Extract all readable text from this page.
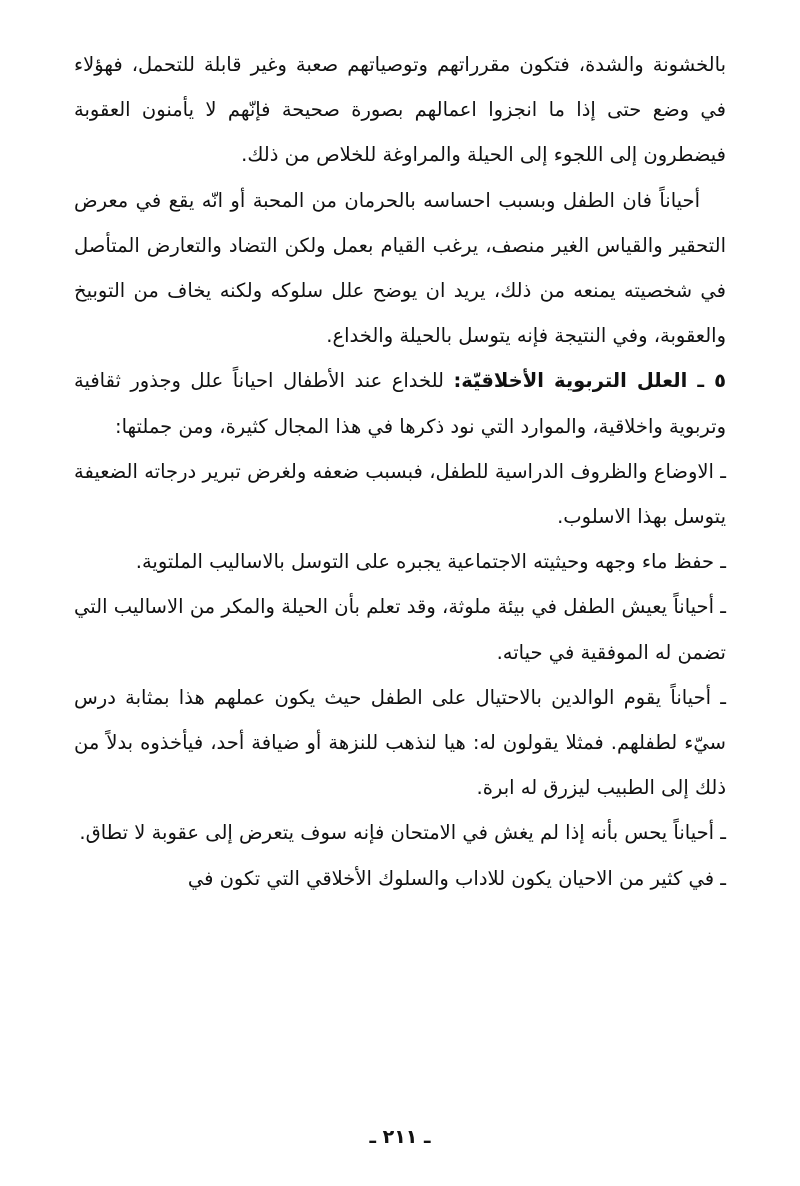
بالخشونة والشدة، فتكون مقرراتهم وتوصياتهم صعبة وغير قابلة للتحمل، فهؤلاء في وضع حتى إذا ما انجزوا اعمالهم بصورة صحيحة فإنّهم لا يأمنون العقوبة فيضطرون إلى اللجوء إلى الحيلة والمراوغة للخلاص من ذلك.

أحياناً فان الطفل وبسبب احساسه بالحرمان من المحبة أو انّه يقع في معرض التحقير والقياس الغير منصف، يرغب القيام بعمل ولكن التضاد والتعارض المتأصل في شخصيته يمنعه من ذلك، يريد ان يوضح علل سلوكه ولكنه يخاف من التوبيخ والعقوبة، وفي النتيجة فإنه يتوسل بالحيلة والخداع.

٥ ـ العلل التربوية الأخلاقيّة: للخداع عند الأطفال احياناً علل وجذور ثقافية وتربوية واخلاقية، والموارد التي نود ذكرها في هذا المجال كثيرة، ومن جملتها:

ـ الاوضاع والظروف الدراسية للطفل، فبسبب ضعفه ولغرض تبرير درجاته الضعيفة يتوسل بهذا الاسلوب.

ـ حفظ ماء وجهه وحيثيته الاجتماعية يجبره على التوسل بالاساليب الملتوية.

ـ أحياناً يعيش الطفل في بيئة ملوثة، وقد تعلم بأن الحيلة والمكر من الاساليب التي تضمن له الموفقية في حياته.

ـ أحياناً يقوم الوالدين بالاحتيال على الطفل حيث يكون عملهم هذا بمثابة درس سيّء لطفلهم. فمثلا يقولون له: هيا لنذهب للنزهة أو ضيافة أحد، فيأخذوه بدلاً من ذلك إلى الطبيب ليزرق له ابرة.

ـ أحياناً يحس بأنه إذا لم يغش في الامتحان فإنه سوف يتعرض إلى عقوبة لا تطاق.

ـ في كثير من الاحيان يكون للاداب والسلوك الأخلاقي التي تكون في

ـ ٢١١ ـ
